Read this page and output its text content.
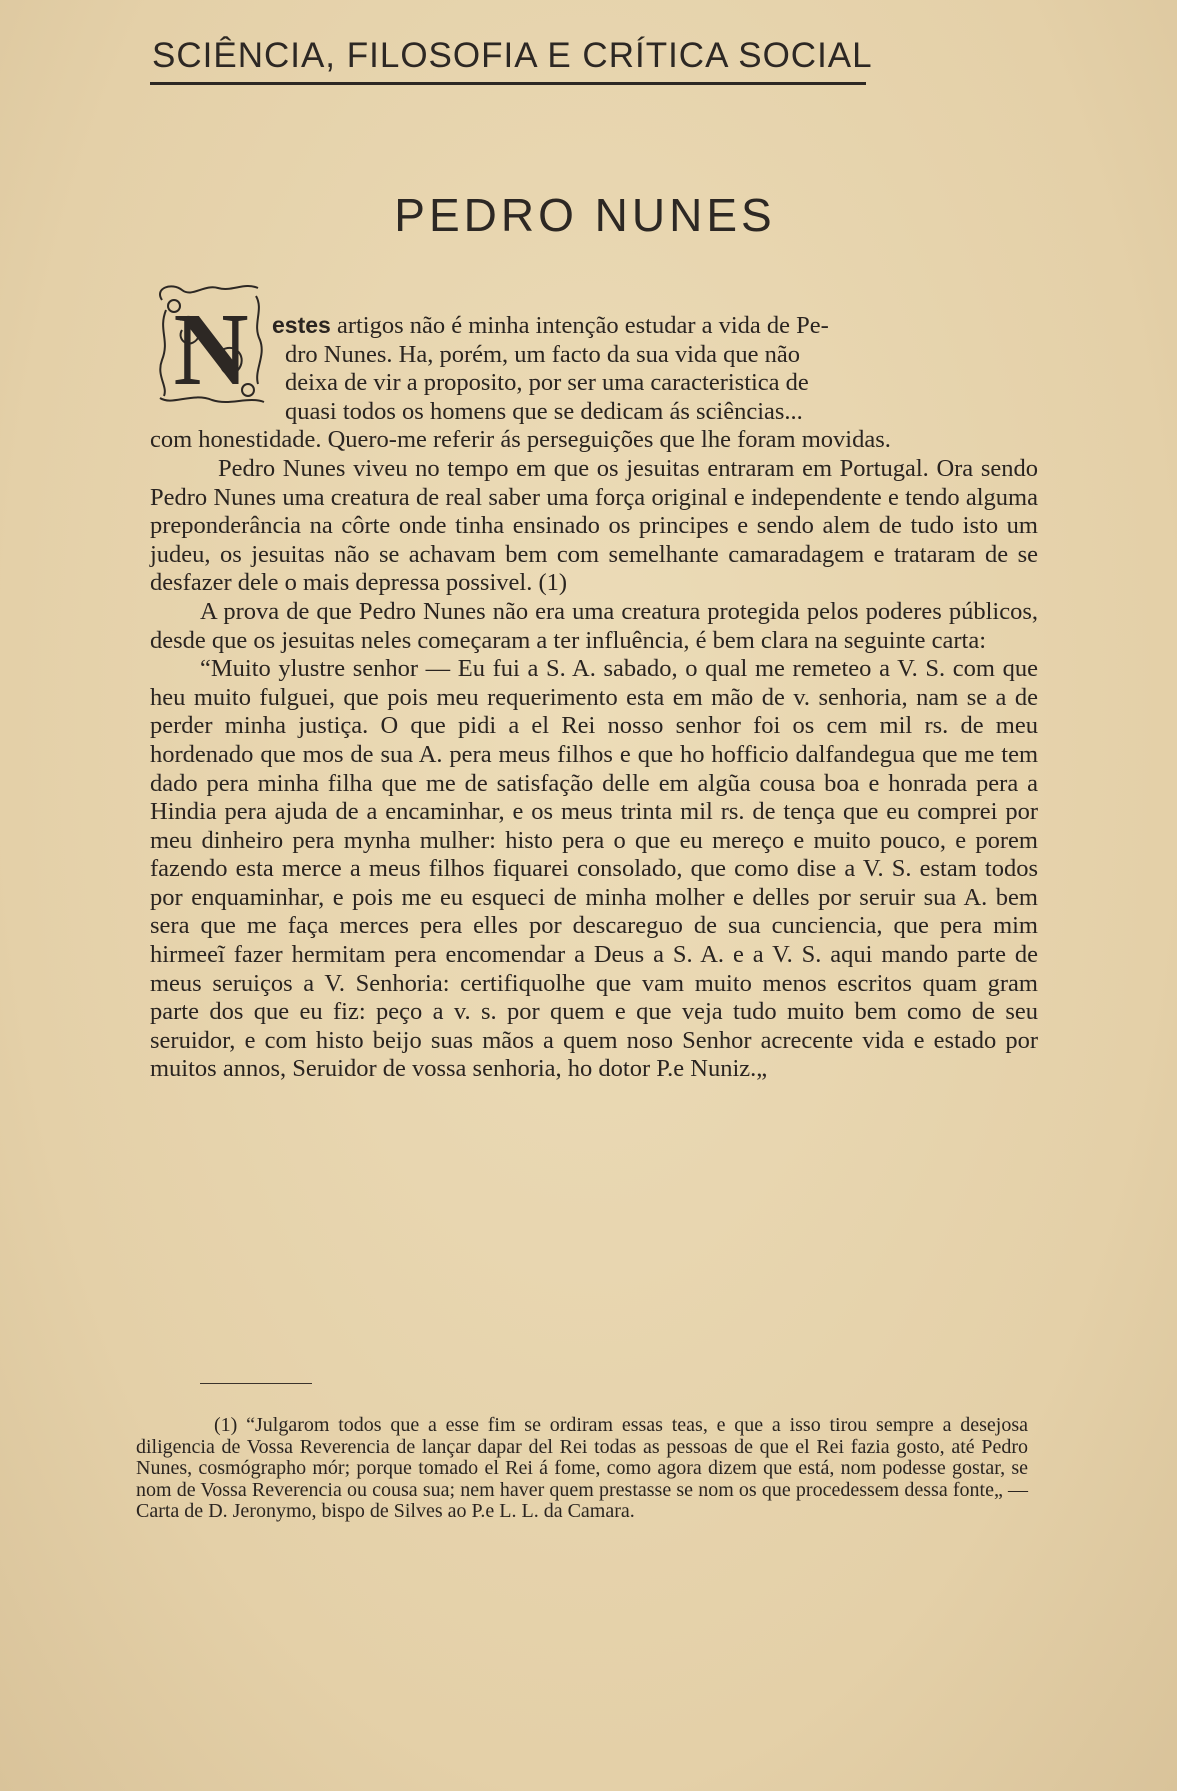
SCIÊNCIA, FILOSOFIA E CRÍTICA SOCIAL
PEDRO NUNES
N	estes artigos não é minha intenção estudar a vida de Pe-
dro Nunes. Ha, porém, um facto da sua vida que não
deixa de vir a proposito, por ser uma caracteristica de
quasi todos os homens que se dedicam ás sciências...
com honestidade. Quero-me referir ás perseguições que lhe foram movidas.

Pedro Nunes viveu no tempo em que os jesuitas entraram em Portugal. Ora sendo Pedro Nunes uma creatura de real saber uma força original e independente e tendo alguma preponderância na côrte onde tinha ensinado os principes e sendo alem de tudo isto um judeu, os jesuitas não se achavam bem com semelhante camaradagem e trataram de se desfazer dele o mais depressa possivel. (1)

A prova de que Pedro Nunes não era uma creatura protegida pelos poderes públicos, desde que os jesuitas neles começaram a ter influência, é bem clara na seguinte carta:

“Muito ylustre senhor — Eu fui a S. A. sabado, o qual me remeteo a V. S. com que heu muito fulguei, que pois meu requerimento esta em mão de v. senhoria, nam se a de perder minha justiça. O que pidi a el Rei nosso senhor foi os cem mil rs. de meu hordenado que mos de sua A. pera meus filhos e que ho hofficio dalfandegua que me tem dado pera minha filha que me de satisfação delle em algũa cousa boa e honrada pera a Hindia pera ajuda de a encaminhar, e os meus trinta mil rs. de tença que eu comprei por meu dinheiro pera mynha mulher: histo pera o que eu mereço e muito pouco, e porem fazendo esta merce a meus filhos fiquarei consolado, que como dise a V. S. estam todos por enquaminhar, e pois me eu esqueci de minha molher e delles por seruir sua A. bem sera que me faça merces pera elles por descareguo de sua cunciencia, que pera mim hirmeeĩ fazer hermitam pera encomendar a Deus a S. A. e a V. S. aqui mando parte de meus seruiços a V. Senhoria: certifiquolhe que vam muito menos escritos quam gram parte dos que eu fiz: peço a v. s. por quem e que veja tudo muito bem como de seu seruidor, e com histo beijo suas mãos a quem noso Senhor acrecente vida e estado por muitos annos, Seruidor de vossa senhoria, ho dotor P.e Nuniz.„

(1) “Julgarom todos que a esse fim se ordiram essas teas, e que a isso tirou sempre a desejosa diligencia de Vossa Reverencia de lançar dapar del Rei todas as pessoas de que el Rei fazia gosto, até Pedro Nunes, cosmógrapho mór; porque tomado el Rei á fome, como agora dizem que está, nom podesse gostar, se nom de Vossa Reverencia ou cousa sua; nem haver quem prestasse se nom os que procedessem dessa fonte„ — Carta de D. Jeronymo, bispo de Silves ao P.e L. L. da Camara.
